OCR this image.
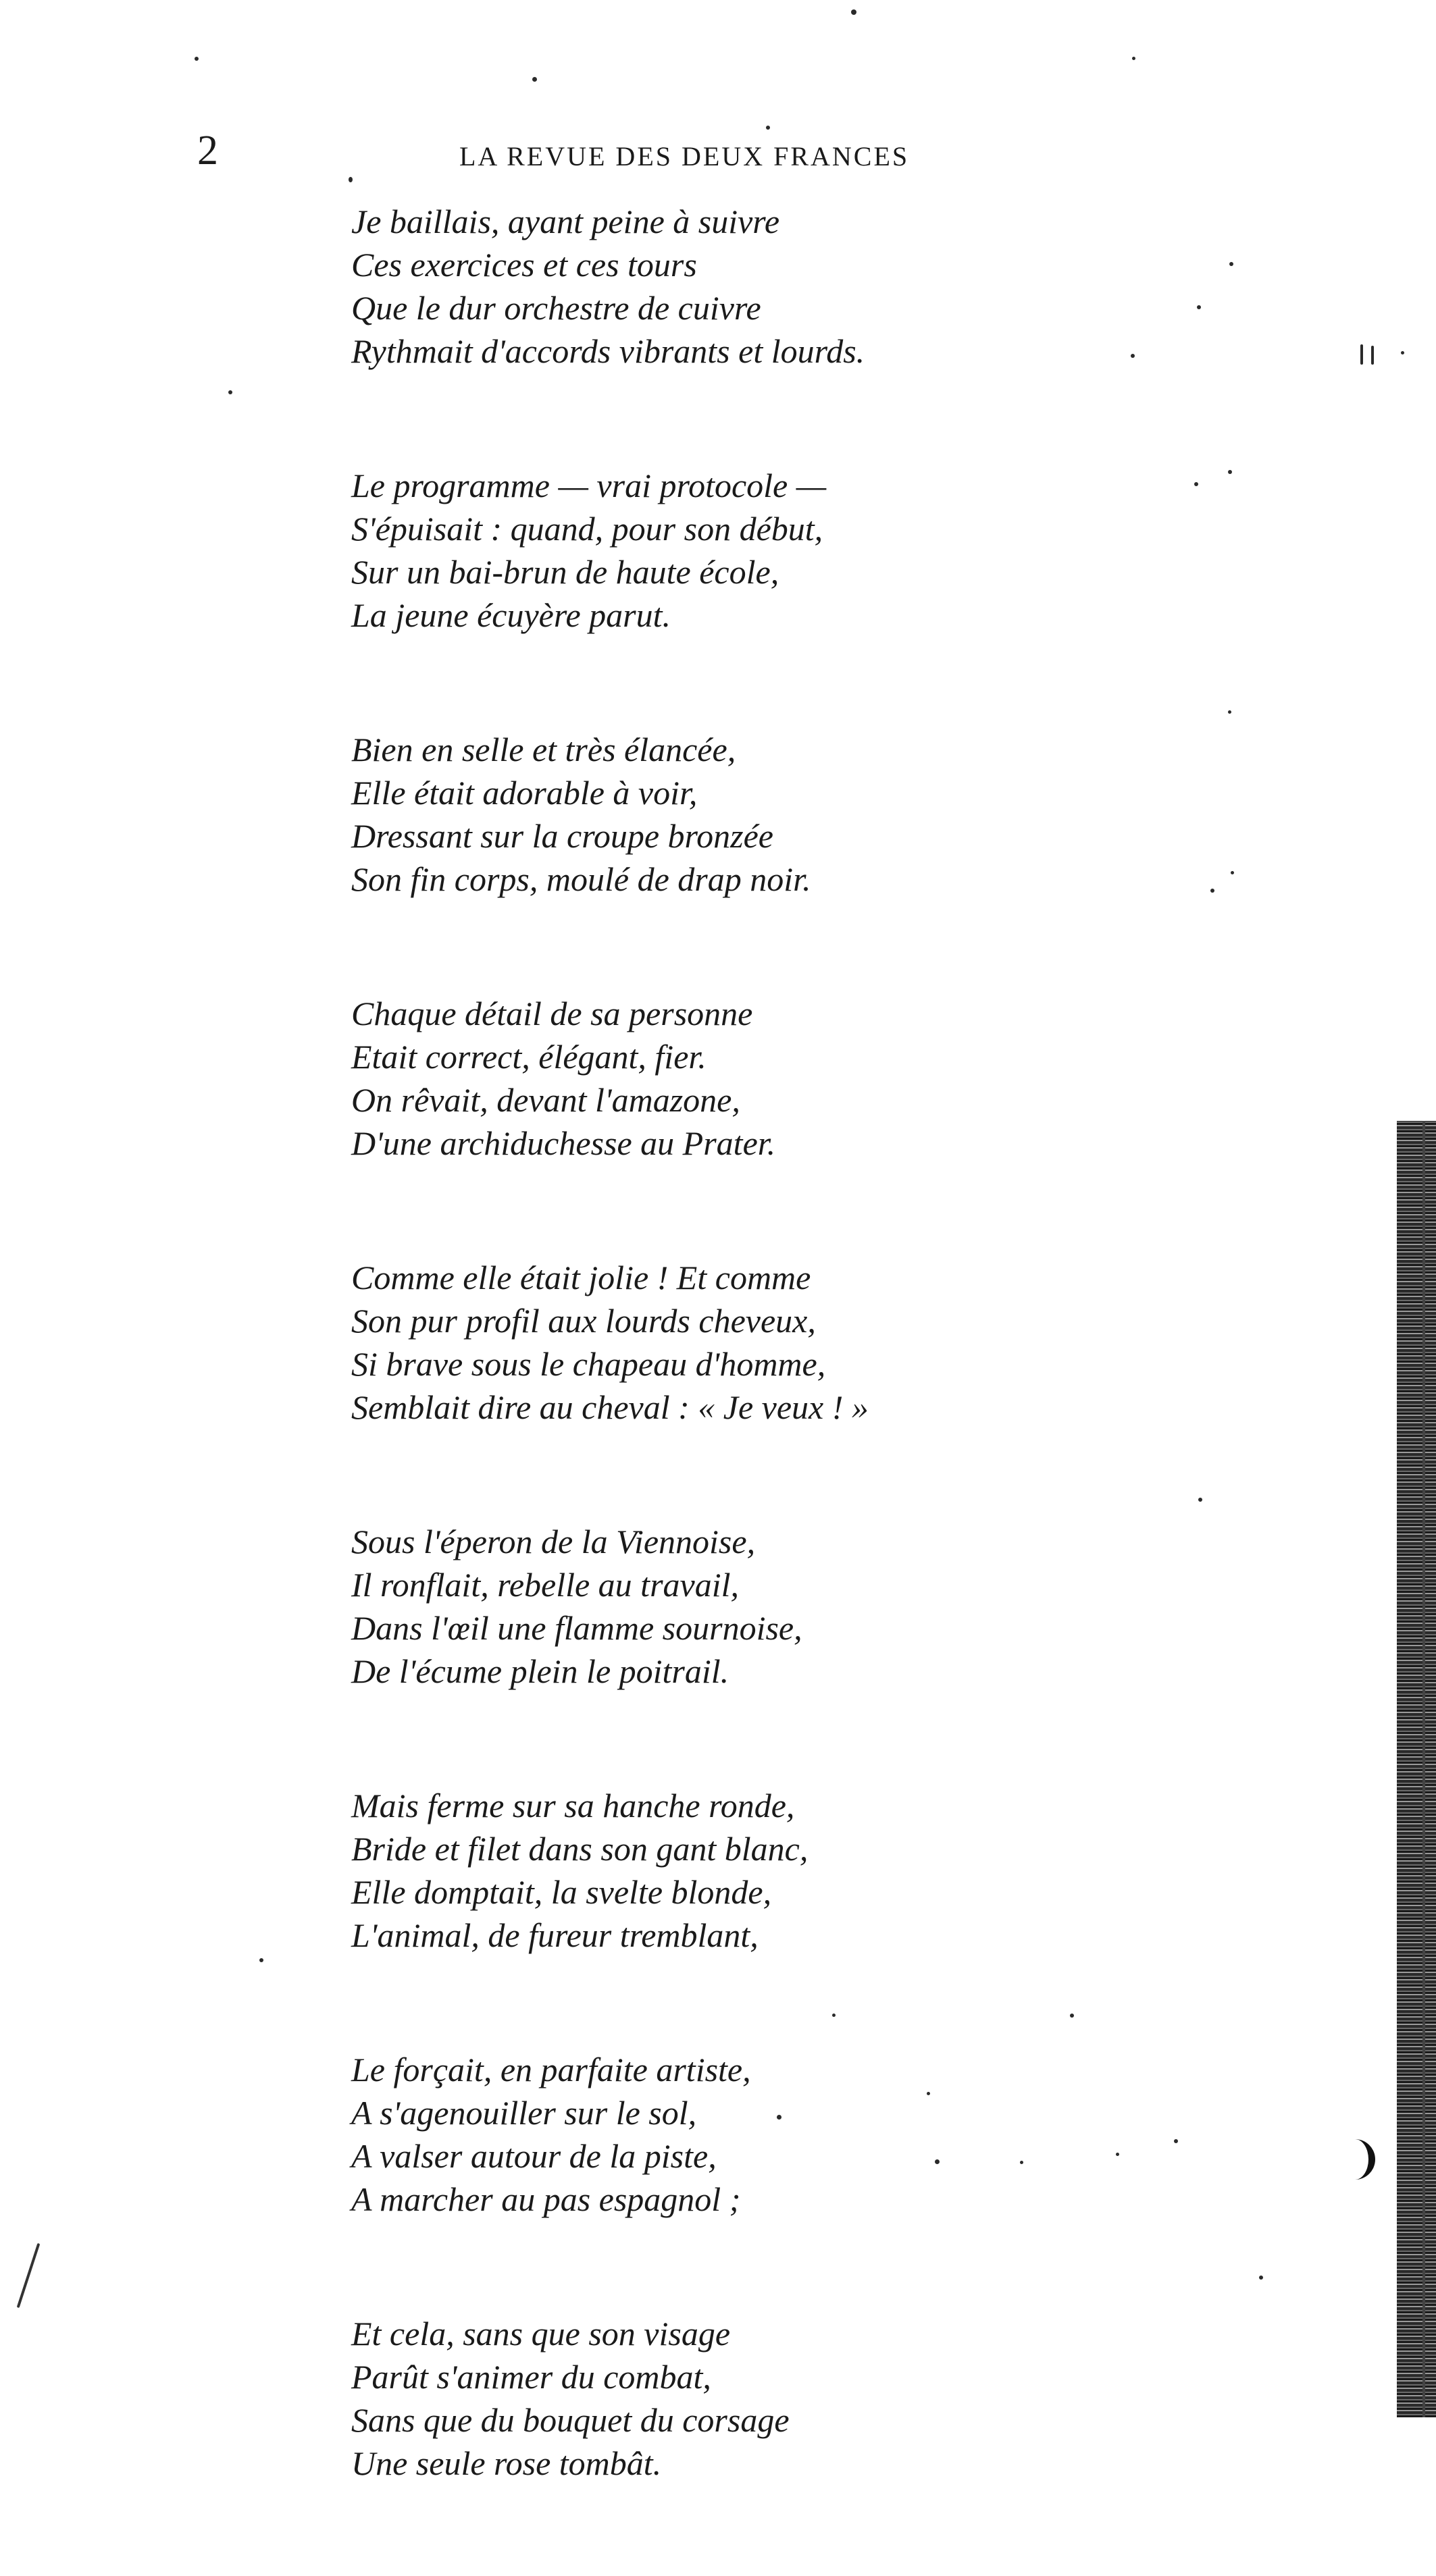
2	LA REVUE DES DEUX FRANCES
Je baillais, ayant peine à suivre
Ces exercices et ces tours
Que le dur orchestre de cuivre
Rythmait d'accords vibrants et lourds.
Le programme — vrai protocole —
S'épuisait : quand, pour son début,
Sur un bai-brun de haute école,
La jeune écuyère parut.
Bien en selle et très élancée,
Elle était adorable à voir,
Dressant sur la croupe bronzée
Son fin corps, moulé de drap noir.
Chaque détail de sa personne
Etait correct, élégant, fier.
On rêvait, devant l'amazone,
D'une archiduchesse au Prater.
Comme elle était jolie ! Et comme
Son pur profil aux lourds cheveux,
Si brave sous le chapeau d'homme,
Semblait dire au cheval : « Je veux ! »
Sous l'éperon de la Viennoise,
Il ronflait, rebelle au travail,
Dans l'œil une flamme sournoise,
De l'écume plein le poitrail.
Mais ferme sur sa hanche ronde,
Bride et filet dans son gant blanc,
Elle domptait, la svelte blonde,
L'animal, de fureur tremblant,
Le forçait, en parfaite artiste,
A s'agenouiller sur le sol,
A valser autour de la piste,
A marcher au pas espagnol ;
Et cela, sans que son visage
Parût s'animer du combat,
Sans que du bouquet du corsage
Une seule rose tombât.
